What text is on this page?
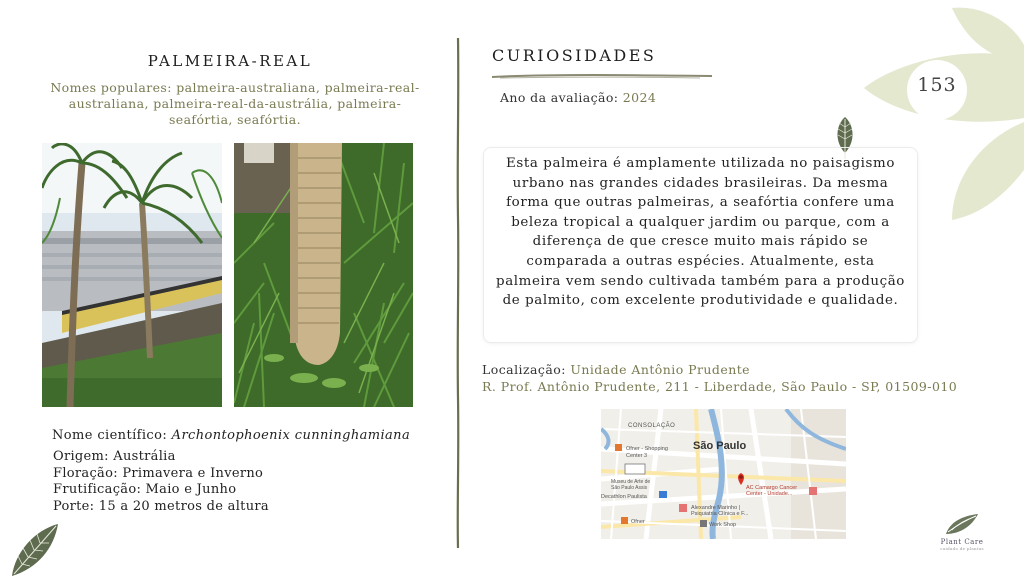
PALMEIRA-REAL
Nomes populares: palmeira-australiana, palmeira-real-australiana, palmeira-real-da-austrália, palmeira-seafórtia, seafórtia.
Nome científico: Archontophoenix cunninghamiana
Origem: Austrália
Floração: Primavera e Inverno
Frutificação: Maio e Junho
Porte: 15 a 20 metros de altura
CURIOSIDADES
Ano da avaliação: 2024
153

Esta palmeira é amplamente utilizada no paisagismo urbano nas grandes cidades brasileiras. Da mesma forma que outras palmeiras, a seafórtia confere uma beleza tropical a qualquer jardim ou parque, com a diferença de que cresce muito mais rápido se comparada a outras espécies. Atualmente, esta palmeira vem sendo cultivada também para a produção de palmito, com excelente produtividade e qualidade.

Localização: Unidade Antônio Prudente
R. Prof. Antônio Prudente, 211 - Liberdade, São Paulo - SP, 01509-010
CONSOLAÇÃO
São Paulo
Ofner - Shopping
Center 3
Museu de Arte de
São Paulo Assis
Decathlon Paulista
AC Camargo Cancer
Center - Unidade...
Alexandre Marinho |
Psiquiatria Clínica e F...
Ofner	Work Shop
Plant Care
cuidado de plantas
